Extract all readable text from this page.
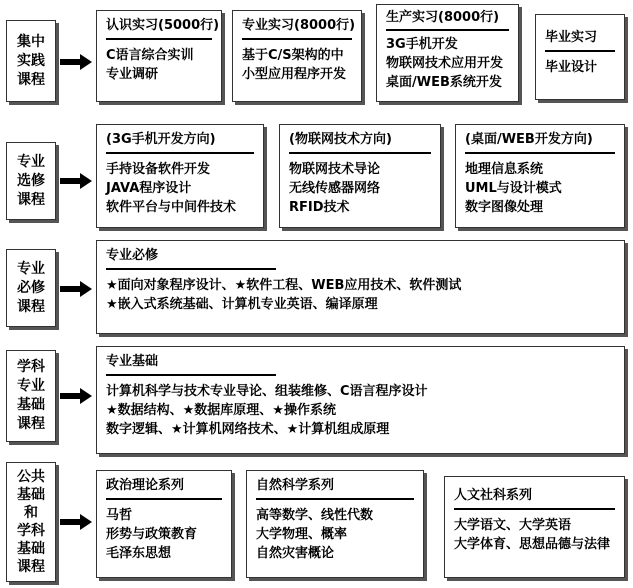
集中
实践
课程
认识实习(5000行)
C语言综合实训
专业调研
专业实习(8000行)
基于C/S架构的中
小型应用程序开发
生产实习(8000行)
3G手机开发
物联网技术应用开发
桌面/WEB系统开发
毕业实习
毕业设计
专业
选修
课程
(3G手机开发方向)
手持设备软件开发
JAVA程序设计
软件平台与中间件技术
(物联网技术方向)
物联网技术导论
无线传感器网络
RFID技术
(桌面/WEB开发方向)
地理信息系统
UML与设计模式
数字图像处理
专业
必修
课程
专业必修
★面向对象程序设计、★软件工程、WEB应用技术、软件测试
★嵌入式系统基础、计算机专业英语、编译原理
学科
专业
基础
课程
专业基础
计算机科学与技术专业导论、组装维修、C语言程序设计
★数据结构、★数据库原理、★操作系统
数字逻辑、★计算机网络技术、★计算机组成原理
公共
基础
和
学科
基础
课程
政治理论系列
马哲
形势与政策教育
毛泽东思想
自然科学系列
高等数学、线性代数
大学物理、概率
自然灾害概论
人文社科系列
大学语文、大学英语
大学体育、思想品德与法律
